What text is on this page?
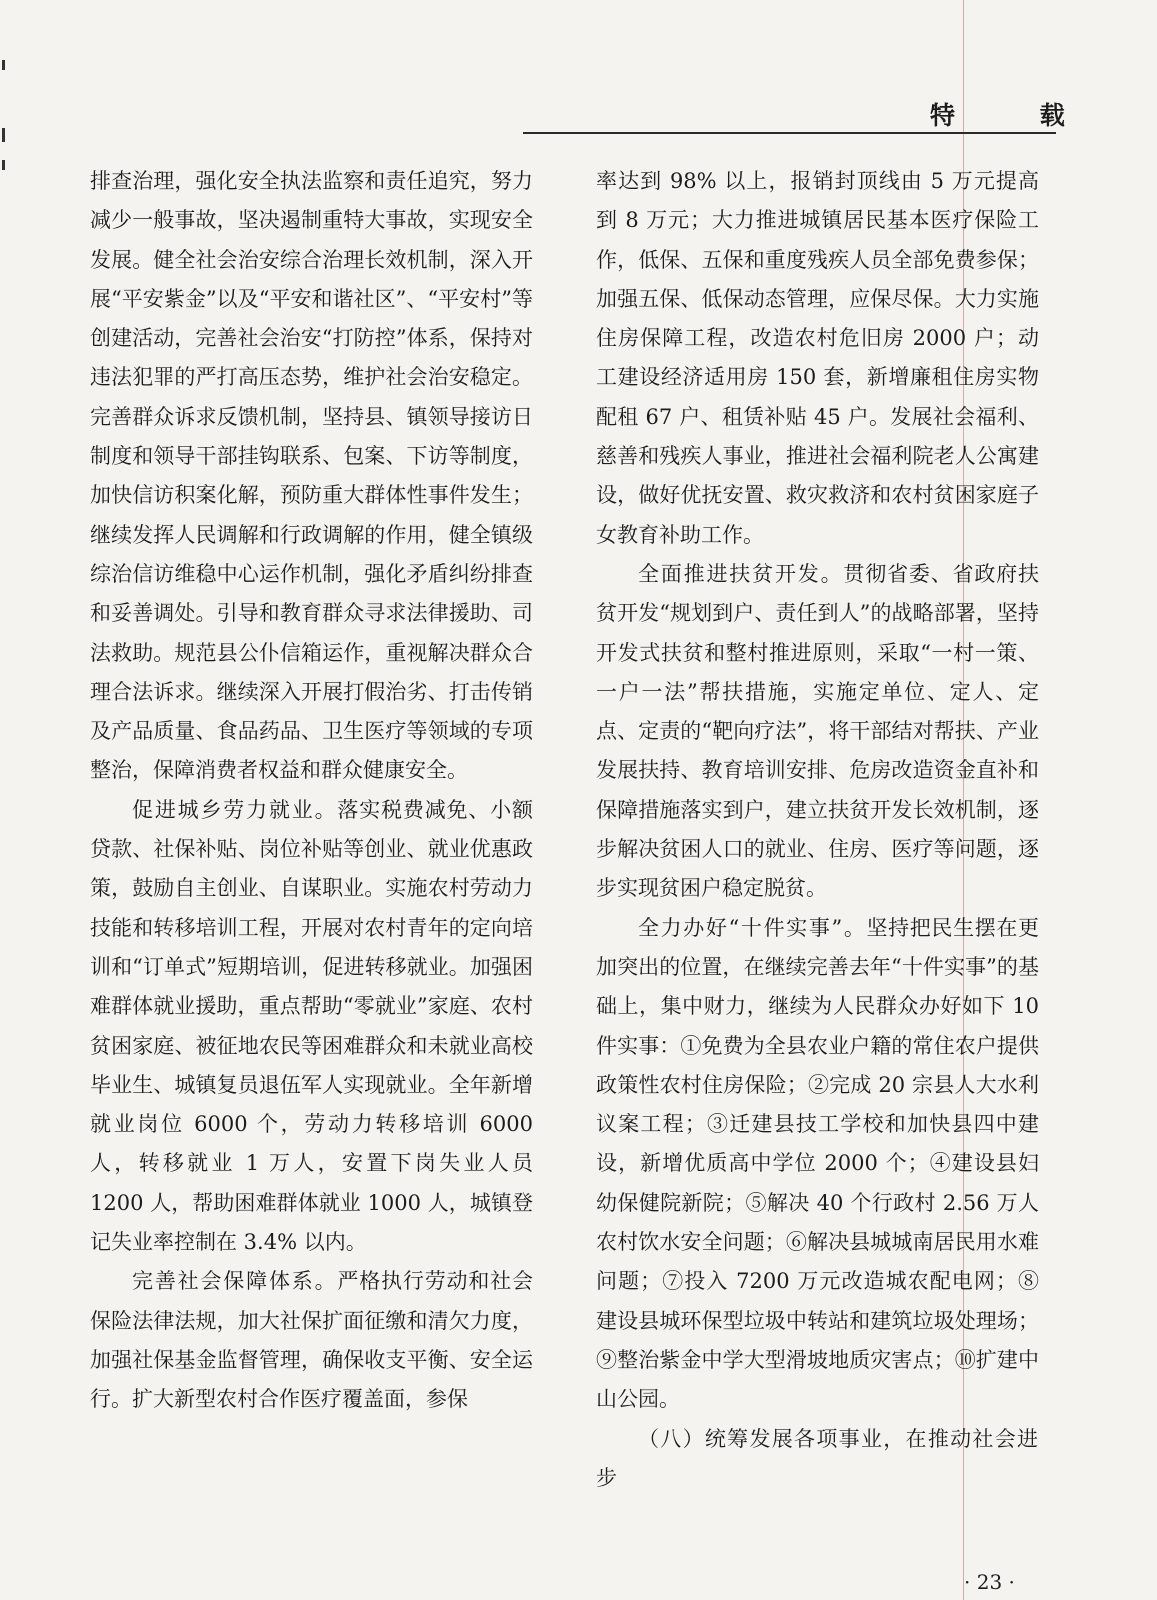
特 载

排查治理，强化安全执法监察和责任追究，努力减少一般事故，坚决遏制重特大事故，实现安全发展。健全社会治安综合治理长效机制，深入开展“平安紫金”以及“平安和谐社区”、“平安村”等创建活动，完善社会治安“打防控”体系，保持对违法犯罪的严打高压态势，维护社会治安稳定。完善群众诉求反馈机制，坚持县、镇领导接访日制度和领导干部挂钩联系、包案、下访等制度，加快信访积案化解，预防重大群体性事件发生；继续发挥人民调解和行政调解的作用，健全镇级综治信访维稳中心运作机制，强化矛盾纠纷排查和妥善调处。引导和教育群众寻求法律援助、司法救助。规范县公仆信箱运作，重视解决群众合理合法诉求。继续深入开展打假治劣、打击传销及产品质量、食品药品、卫生医疗等领域的专项整治，保障消费者权益和群众健康安全。

促进城乡劳力就业。落实税费减免、小额贷款、社保补贴、岗位补贴等创业、就业优惠政策，鼓励自主创业、自谋职业。实施农村劳动力技能和转移培训工程，开展对农村青年的定向培训和“订单式”短期培训，促进转移就业。加强困难群体就业援助，重点帮助“零就业”家庭、农村贫困家庭、被征地农民等困难群众和未就业高校毕业生、城镇复员退伍军人实现就业。全年新增就业岗位 6000 个，劳动力转移培训 6000 人，转移就业 1 万人，安置下岗失业人员 1200 人，帮助困难群体就业 1000 人，城镇登记失业率控制在 3.4% 以内。

完善社会保障体系。严格执行劳动和社会保险法律法规，加大社保扩面征缴和清欠力度，加强社保基金监督管理，确保收支平衡、安全运行。扩大新型农村合作医疗覆盖面，参保

率达到 98% 以上，报销封顶线由 5 万元提高到 8 万元；大力推进城镇居民基本医疗保险工作，低保、五保和重度残疾人员全部免费参保；加强五保、低保动态管理，应保尽保。大力实施住房保障工程，改造农村危旧房 2000 户；动工建设经济适用房 150 套，新增廉租住房实物配租 67 户、租赁补贴 45 户。发展社会福利、慈善和残疾人事业，推进社会福利院老人公寓建设，做好优抚安置、救灾救济和农村贫困家庭子女教育补助工作。

全面推进扶贫开发。贯彻省委、省政府扶贫开发“规划到户、责任到人”的战略部署，坚持开发式扶贫和整村推进原则，采取“一村一策、一户一法”帮扶措施，实施定单位、定人、定点、定责的“靶向疗法”，将干部结对帮扶、产业发展扶持、教育培训安排、危房改造资金直补和保障措施落实到户，建立扶贫开发长效机制，逐步解决贫困人口的就业、住房、医疗等问题，逐步实现贫困户稳定脱贫。

全力办好“十件实事”。坚持把民生摆在更加突出的位置，在继续完善去年“十件实事”的基础上，集中财力，继续为人民群众办好如下 10 件实事：①免费为全县农业户籍的常住农户提供政策性农村住房保险；②完成 20 宗县人大水利议案工程；③迁建县技工学校和加快县四中建设，新增优质高中学位 2000 个；④建设县妇幼保健院新院；⑤解决 40 个行政村 2.56 万人农村饮水安全问题；⑥解决县城城南居民用水难问题；⑦投入 7200 万元改造城农配电网；⑧建设县城环保型垃圾中转站和建筑垃圾处理场；⑨整治紫金中学大型滑坡地质灾害点；⑩扩建中山公园。

（八）统筹发展各项事业，在推动社会进步

· 23 ·
